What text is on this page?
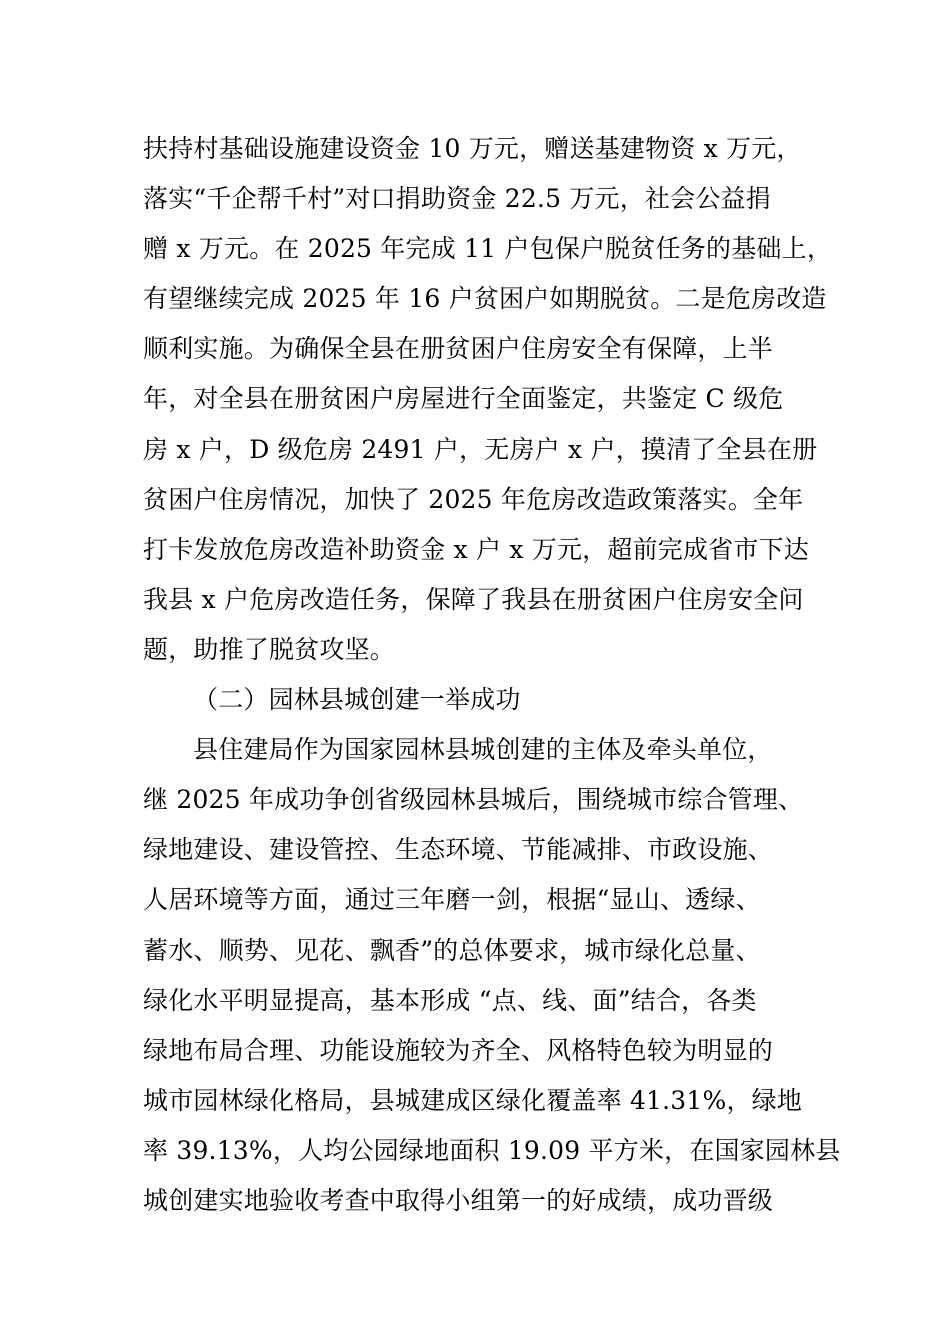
扶持村基础设施建设资金 10 万元，赠送基建物资 x 万元，
落实“千企帮千村”对口捐助资金 22.5 万元，社会公益捐
赠 x 万元。在 2025 年完成 11 户包保户脱贫任务的基础上，
有望继续完成 2025 年 16 户贫困户如期脱贫。二是危房改造
顺利实施。为确保全县在册贫困户住房安全有保障，上半
年，对全县在册贫困户房屋进行全面鉴定，共鉴定 C 级危
房 x 户，D 级危房 2491 户，无房户 x 户，摸清了全县在册
贫困户住房情况，加快了 2025 年危房改造政策落实。全年
打卡发放危房改造补助资金 x 户 x 万元，超前完成省市下达
我县 x 户危房改造任务，保障了我县在册贫困户住房安全问
题，助推了脱贫攻坚。
（二）园林县城创建一举成功
县住建局作为国家园林县城创建的主体及牵头单位，
继 2025 年成功争创省级园林县城后，围绕城市综合管理、
绿地建设、建设管控、生态环境、节能减排、市政设施、
人居环境等方面，通过三年磨一剑，根据“显山、透绿、
蓄水、顺势、见花、飘香”的总体要求，城市绿化总量、
绿化水平明显提高，基本形成 “点、线、面”结合，各类
绿地布局合理、功能设施较为齐全、风格特色较为明显的
城市园林绿化格局，县城建成区绿化覆盖率 41.31%，绿地
率 39.13%，人均公园绿地面积 19.09 平方米，在国家园林县
城创建实地验收考查中取得小组第一的好成绩，成功晋级
